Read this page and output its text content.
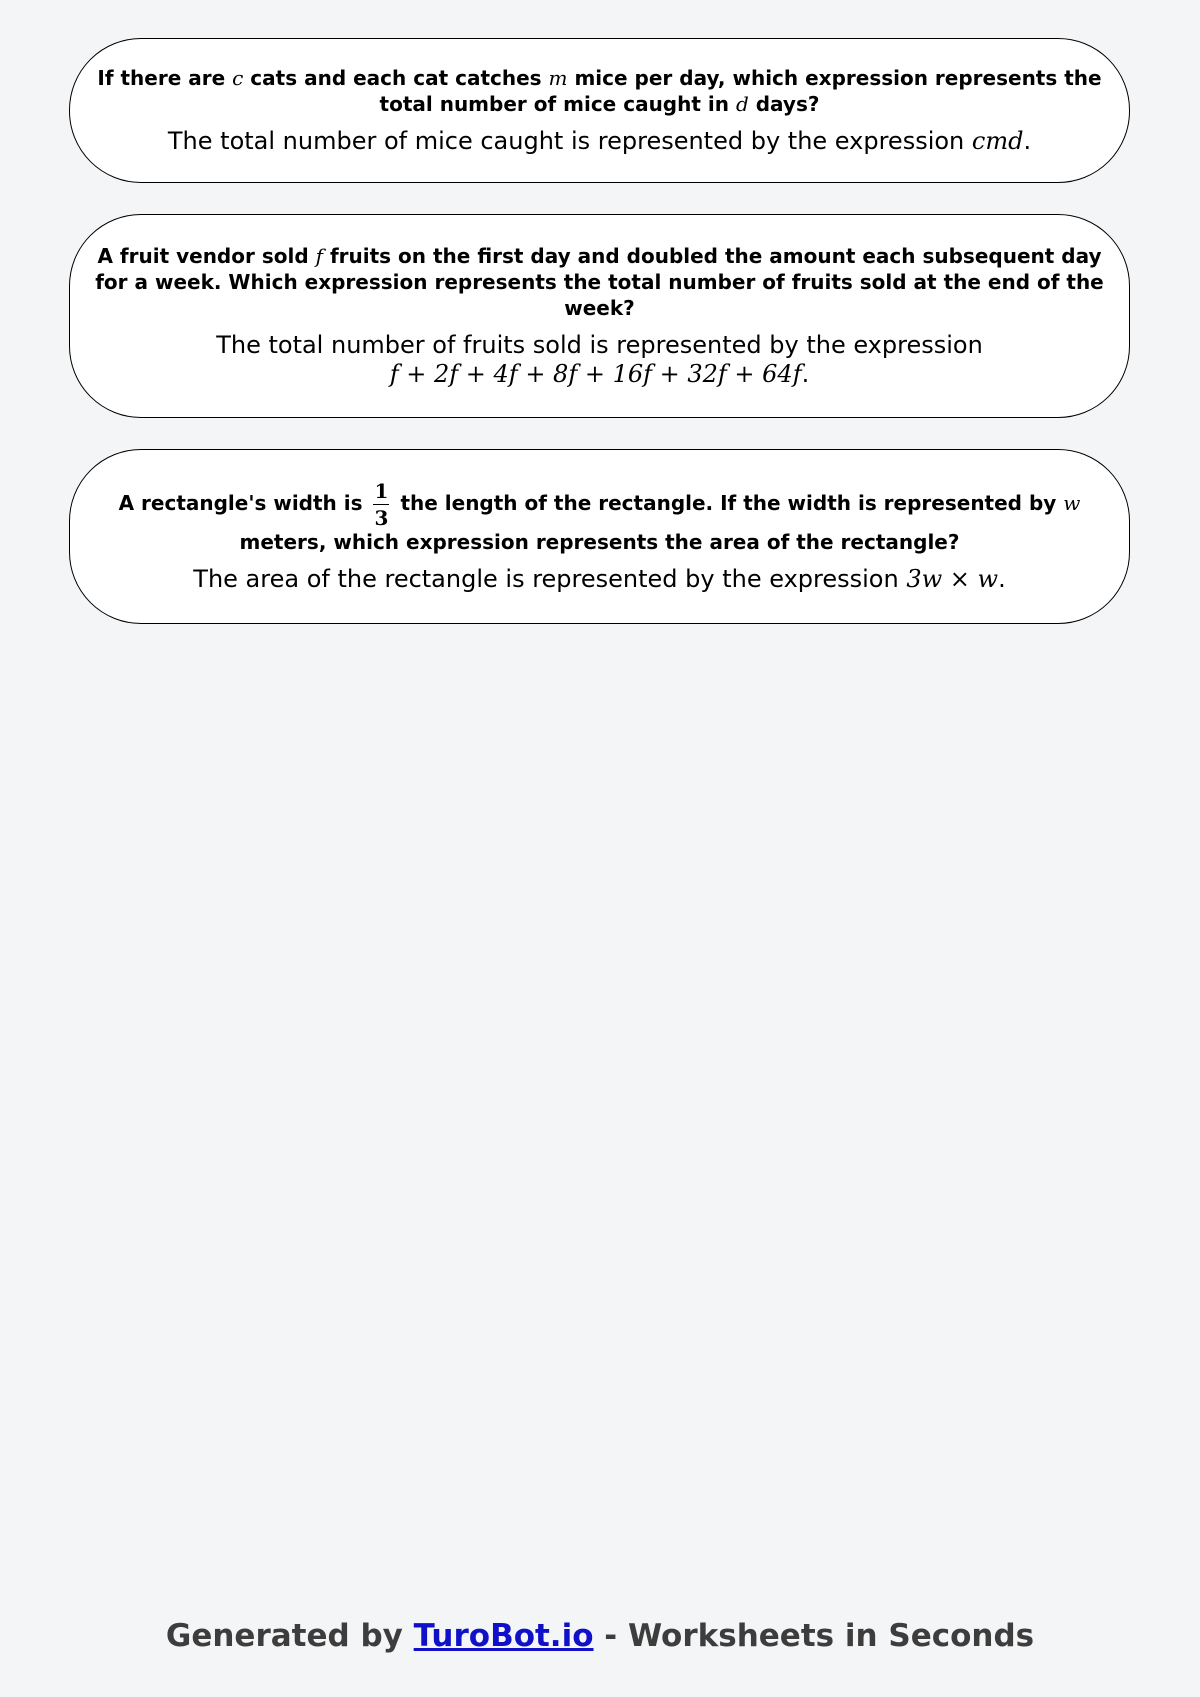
If there are c cats and each cat catches m mice per day, which expression represents the total number of mice caught in d days?

The total number of mice caught is represented by the expression cmd.

A fruit vendor sold f fruits on the first day and doubled the amount each subsequent day for a week. Which expression represents the total number of fruits sold at the end of the week?

The total number of fruits sold is represented by the expression
f + 2f + 4f + 8f + 16f + 32f + 64f.

A rectangle's width is $\frac{1}{3}$ the length of the rectangle. If the width is represented by w
meters, which expression represents the area of the rectangle?

The area of the rectangle is represented by the expression 3w × w.

Generated by TuroBot.io - Worksheets in Seconds
